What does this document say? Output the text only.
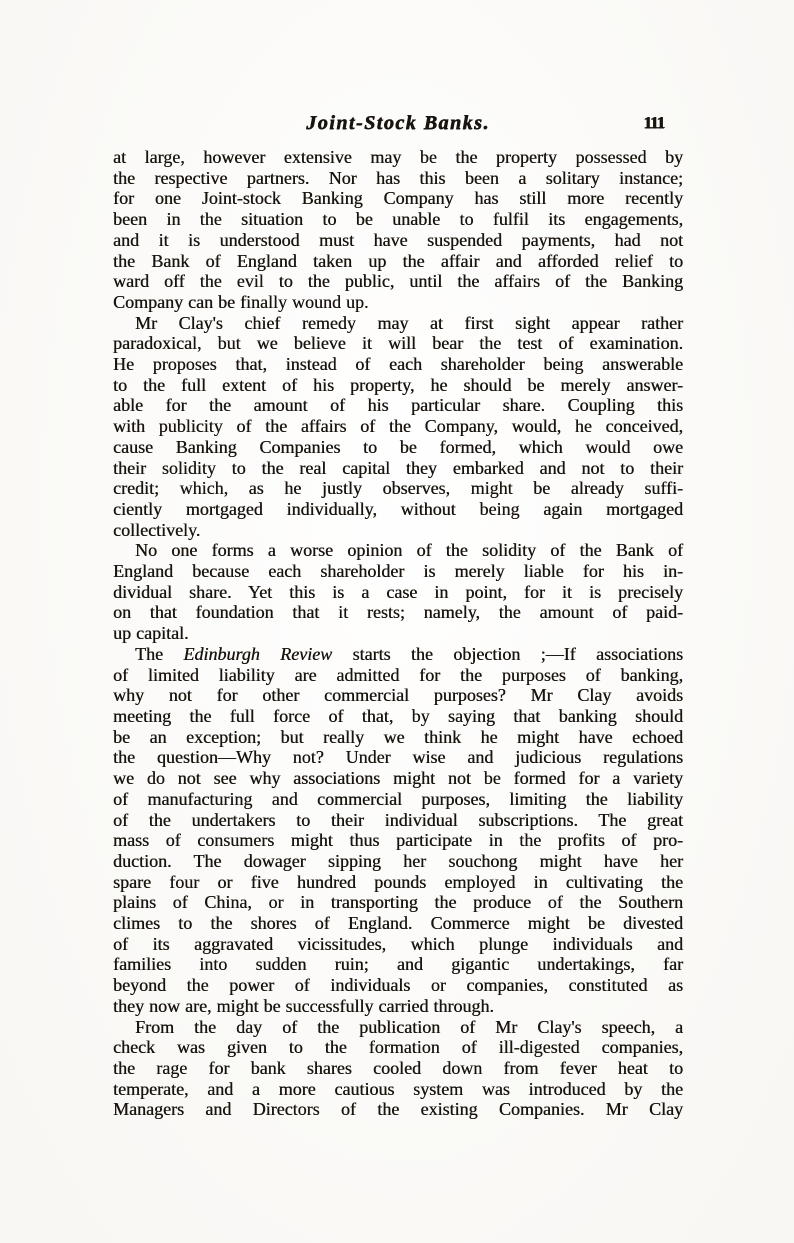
Joint-Stock Banks.	111
at large, however extensive may be the property possessed by
the respective partners. Nor has this been a solitary instance;
for one Joint-stock Banking Company has still more recently
been in the situation to be unable to fulfil its engagements,
and it is understood must have suspended payments, had not
the Bank of England taken up the affair and afforded relief to
ward off the evil to the public, until the affairs of the Banking
Company can be finally wound up.
Mr Clay's chief remedy may at first sight appear rather
paradoxical, but we believe it will bear the test of examination.
He proposes that, instead of each shareholder being answerable
to the full extent of his property, he should be merely answer-
able for the amount of his particular share. Coupling this
with publicity of the affairs of the Company, would, he conceived,
cause Banking Companies to be formed, which would owe
their solidity to the real capital they embarked and not to their
credit; which, as he justly observes, might be already suffi-
ciently mortgaged individually, without being again mortgaged
collectively.
No one forms a worse opinion of the solidity of the Bank of
England because each shareholder is merely liable for his in-
dividual share. Yet this is a case in point, for it is precisely
on that foundation that it rests; namely, the amount of paid-
up capital.
The Edinburgh Review starts the objection ;—If associations
of limited liability are admitted for the purposes of banking,
why not for other commercial purposes? Mr Clay avoids
meeting the full force of that, by saying that banking should
be an exception; but really we think he might have echoed
the question—Why not? Under wise and judicious regulations
we do not see why associations might not be formed for a variety
of manufacturing and commercial purposes, limiting the liability
of the undertakers to their individual subscriptions. The great
mass of consumers might thus participate in the profits of pro-
duction. The dowager sipping her souchong might have her
spare four or five hundred pounds employed in cultivating the
plains of China, or in transporting the produce of the Southern
climes to the shores of England. Commerce might be divested
of its aggravated vicissitudes, which plunge individuals and
families into sudden ruin; and gigantic undertakings, far
beyond the power of individuals or companies, constituted as
they now are, might be successfully carried through.
From the day of the publication of Mr Clay's speech, a
check was given to the formation of ill-digested companies,
the rage for bank shares cooled down from fever heat to
temperate, and a more cautious system was introduced by the
Managers and Directors of the existing Companies. Mr Clay
